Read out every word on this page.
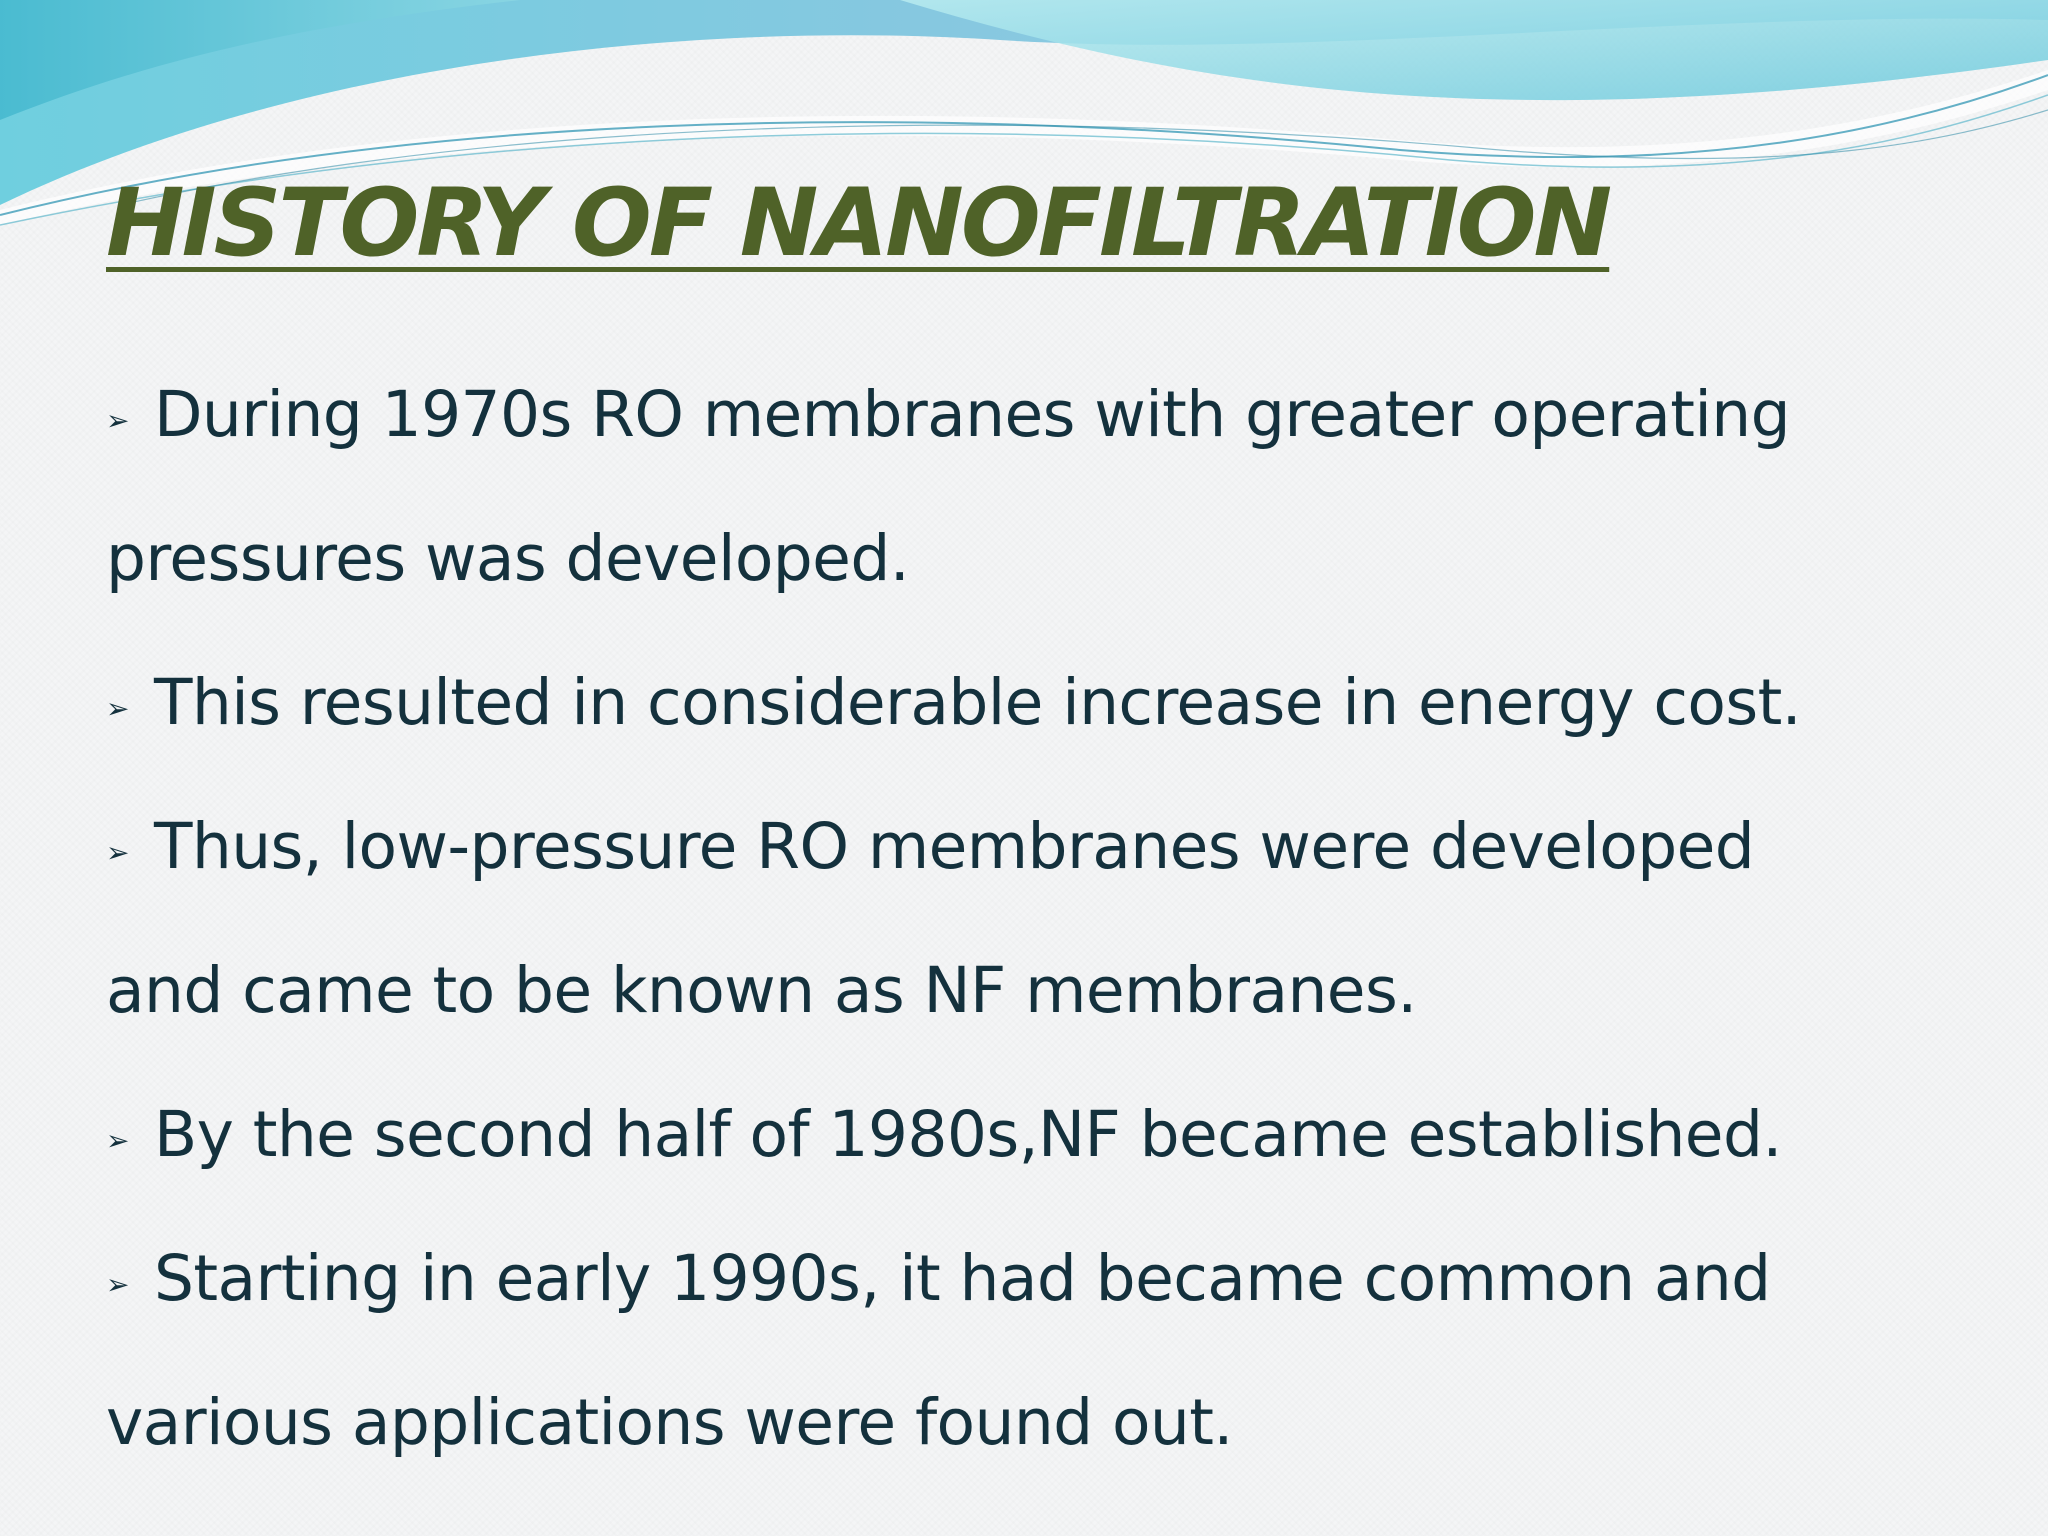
HISTORY OF NANOFILTRATION
➢ During 1970s RO membranes with greater operating
pressures was developed.
➢ This resulted in considerable increase in energy cost.
➢ Thus, low-pressure RO membranes were developed
and came to be known as NF membranes.
➢ By the second half of 1980s,NF became established.
➢ Starting in early 1990s, it had became common and
various applications were found out.
